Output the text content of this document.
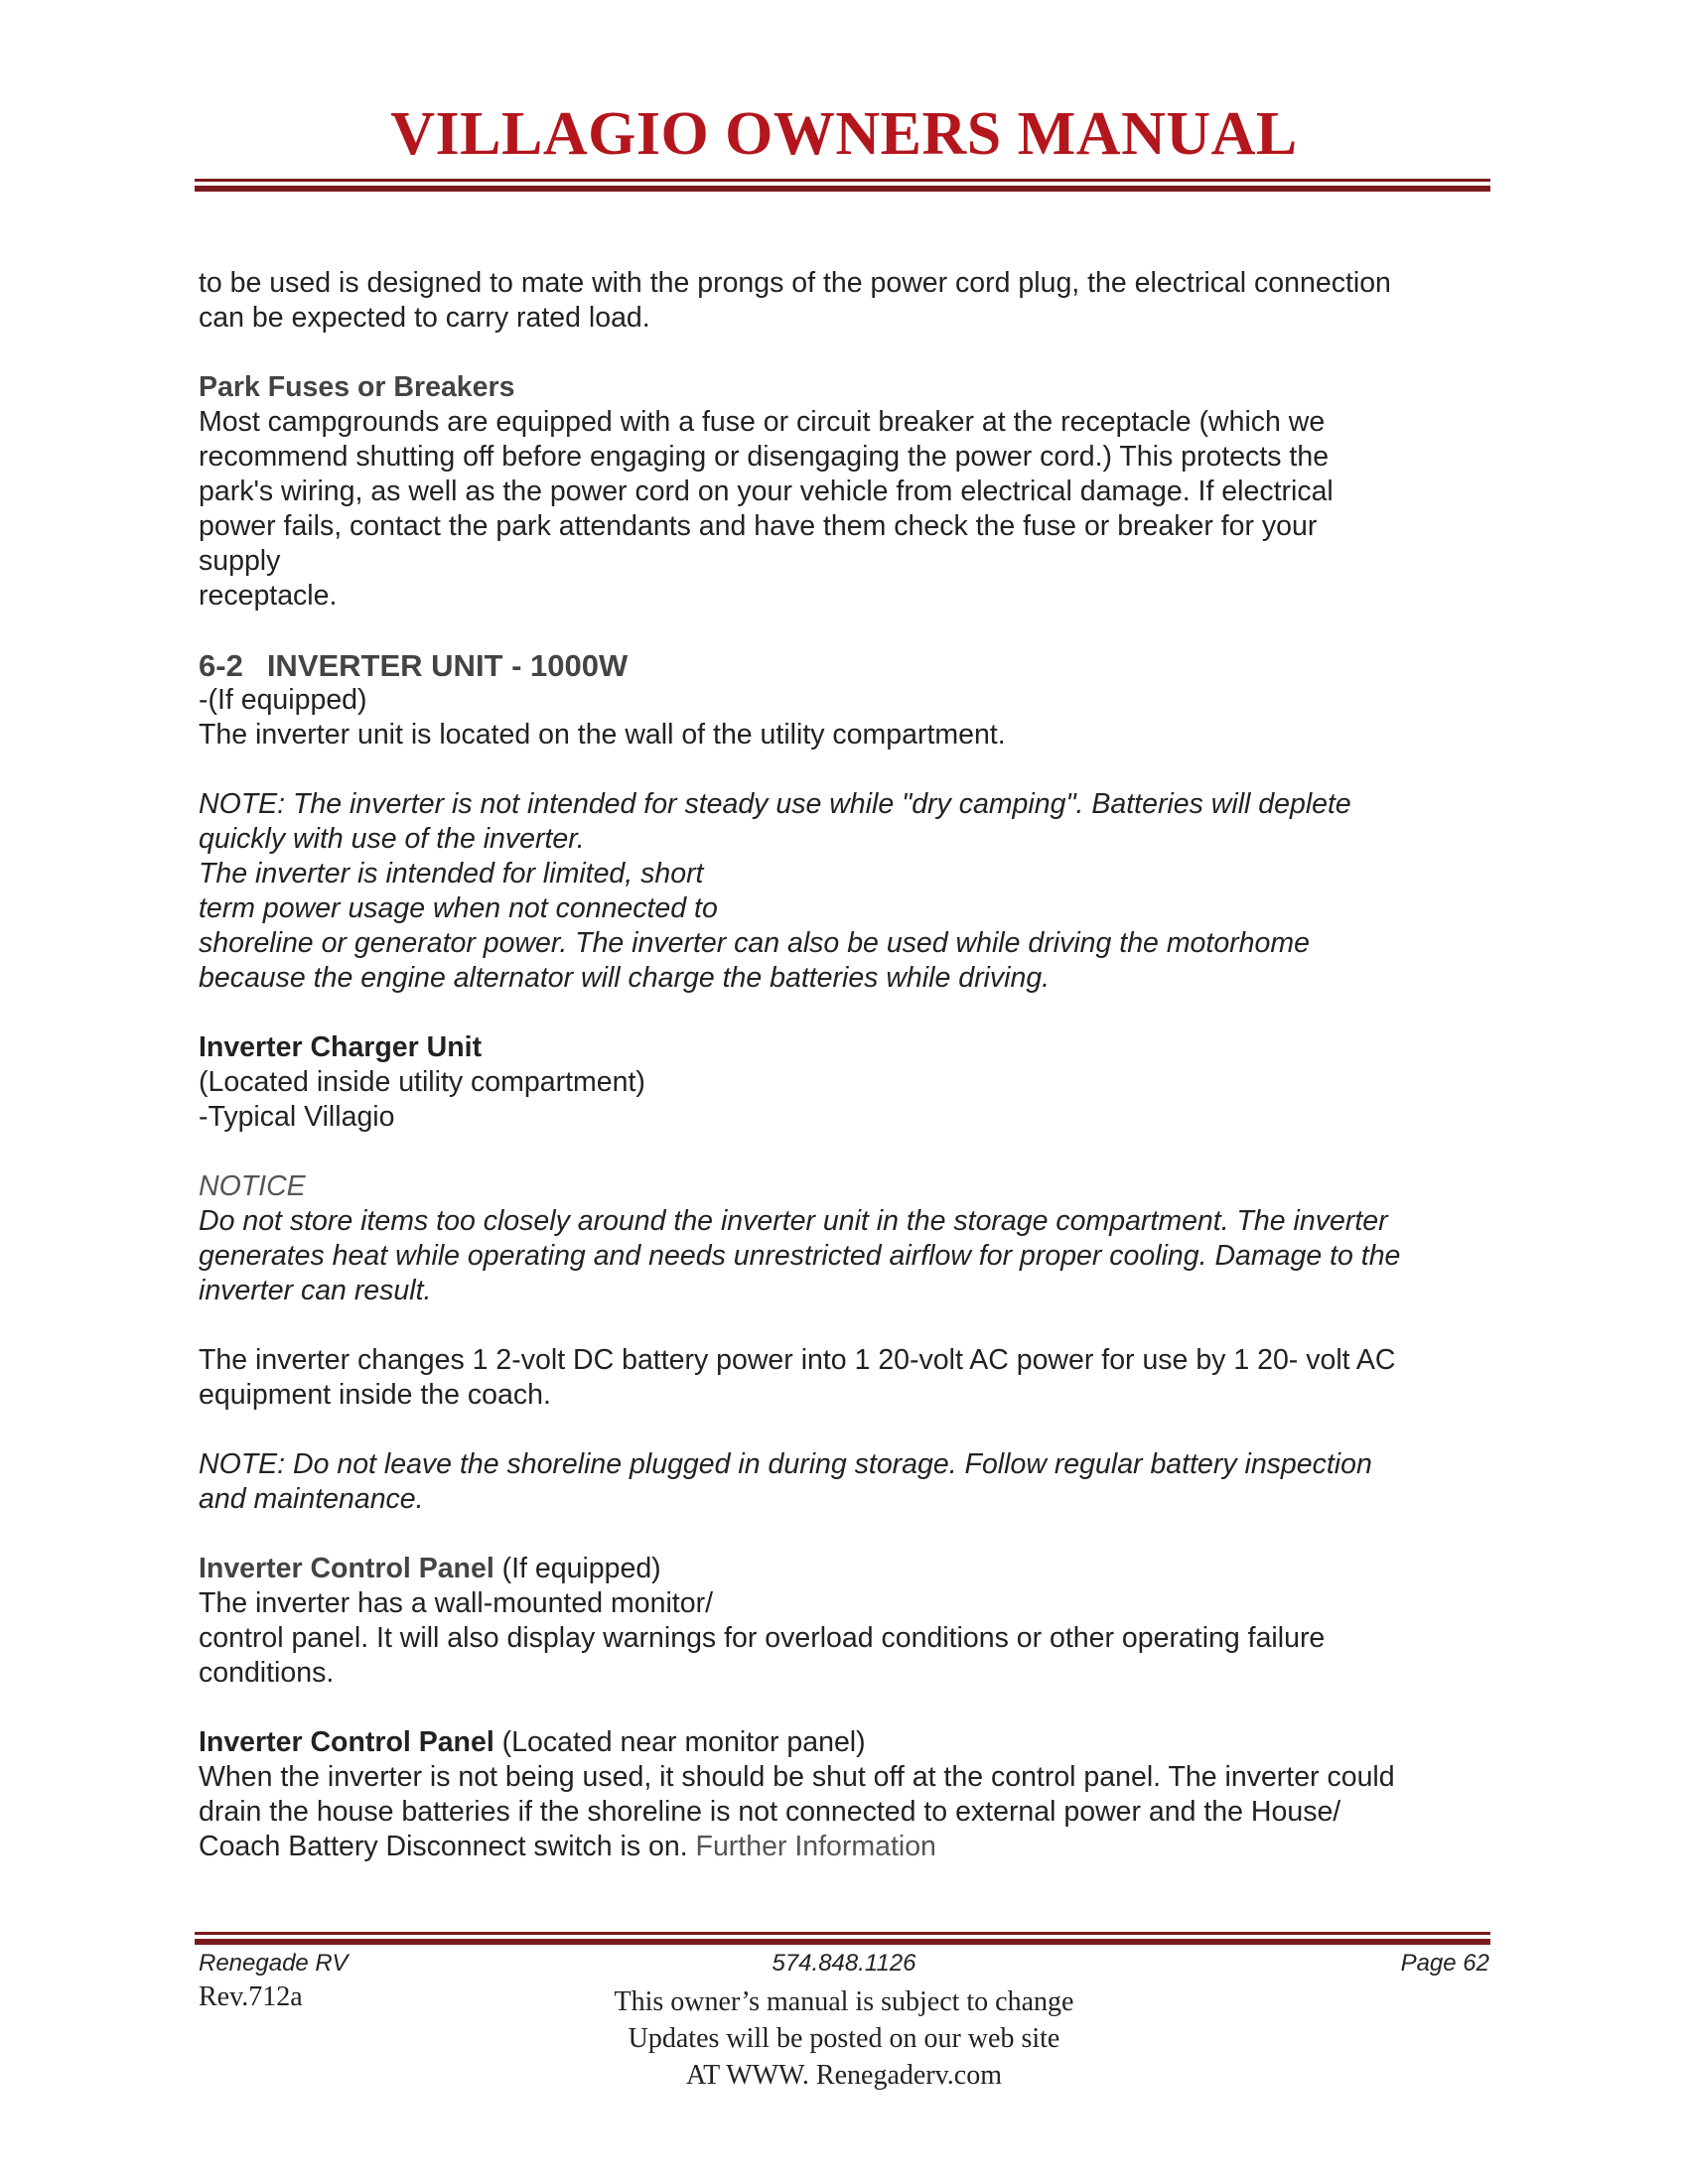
VILLAGIO OWNERS MANUAL

to be used is designed to mate with the prongs of the power cord plug, the electrical connection

can be expected to carry rated load.

Park Fuses or Breakers

Most campgrounds are equipped with a fuse or circuit breaker at the receptacle (which we

recommend shutting off before engaging or disengaging the power cord.) This protects the

park's wiring, as well as the power cord on your vehicle from electrical damage. If electrical

power fails, contact the park attendants and have them check the fuse or breaker for your

supply

receptacle.

6-2 INVERTER UNIT - 1000W

-(If equipped)

The inverter unit is located on the wall of the utility compartment.

NOTE: The inverter is not intended for steady use while "dry camping". Batteries will deplete

quickly with use of the inverter.

The inverter is intended for limited, short

term power usage when not connected to

shoreline or generator power. The inverter can also be used while driving the motorhome

because the engine alternator will charge the batteries while driving.

Inverter Charger Unit

(Located inside utility compartment)

-Typical Villagio

NOTICE

Do not store items too closely around the inverter unit in the storage compartment. The inverter

generates heat while operating and needs unrestricted airflow for proper cooling. Damage to the

inverter can result.

The inverter changes 1 2-volt DC battery power into 1 20-volt AC power for use by 1 20- volt AC

equipment inside the coach.

NOTE: Do not leave the shoreline plugged in during storage. Follow regular battery inspection

and maintenance.

Inverter Control Panel (If equipped)

The inverter has a wall-mounted monitor/

control panel. It will also display warnings for overload conditions or other operating failure

conditions.

Inverter Control Panel (Located near monitor panel)

When the inverter is not being used, it should be shut off at the control panel. The inverter could

drain the house batteries if the shoreline is not connected to external power and the House/

Coach Battery Disconnect switch is on. Further Information

Renegade RV	574.848.1126	Page 62
Rev.712a	This owner’s manual is subject to change
Updates will be posted on our web site
AT WWW. Renegaderv.com
